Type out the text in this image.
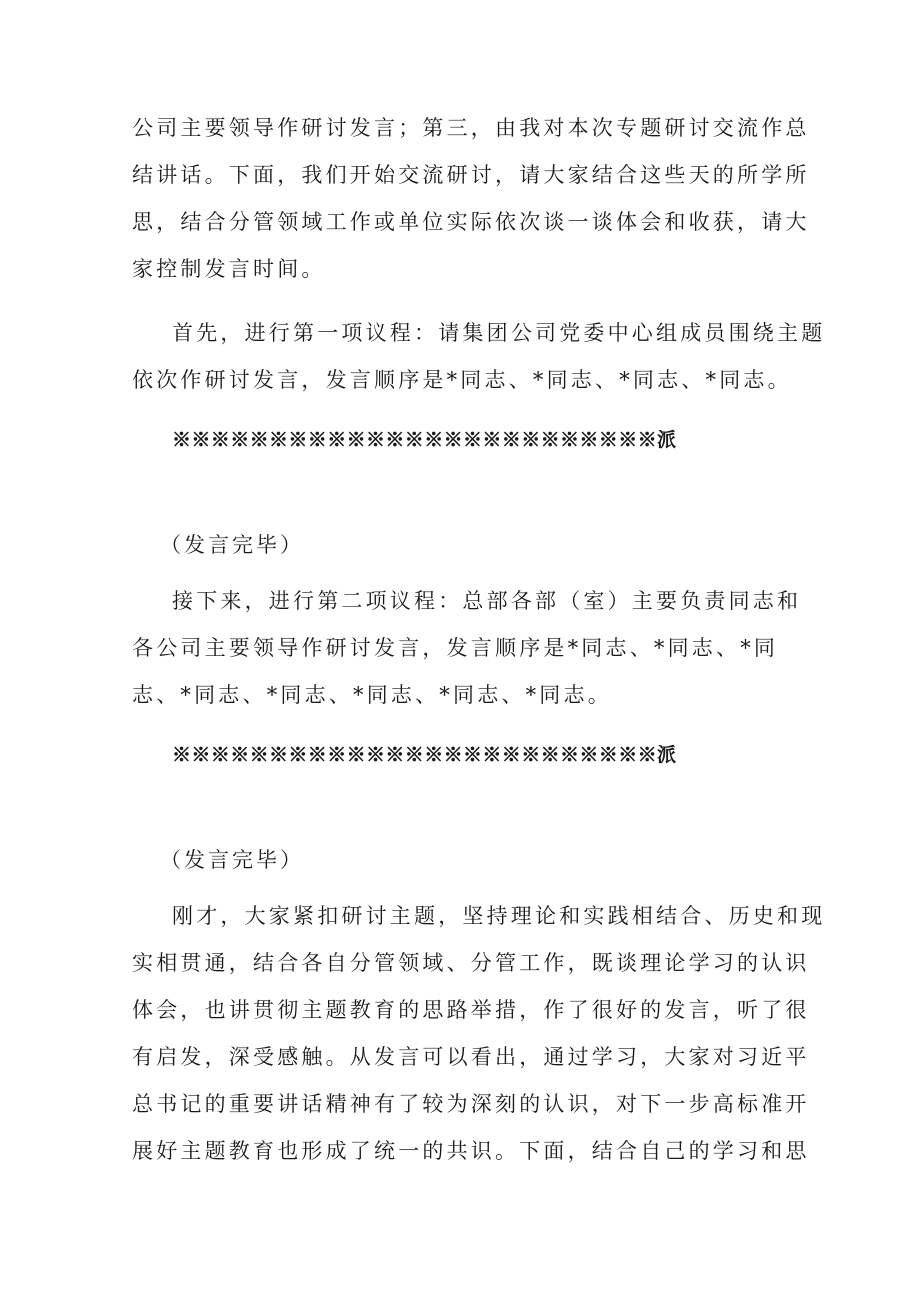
公司主要领导作研讨发言；第三，由我对本次专题研讨交流作总
结讲话。下面，我们开始交流研讨，请大家结合这些天的所学所
思，结合分管领域工作或单位实际依次谈一谈体会和收获，请大
家控制发言时间。
首先，进行第一项议程：请集团公司党委中心组成员围绕主题
依次作研讨发言，发言顺序是*同志、*同志、*同志、*同志。
※※※※※※※※※※※※※※※※※※※※※※※※※派
（发言完毕）
接下来，进行第二项议程：总部各部（室）主要负责同志和
各公司主要领导作研讨发言，发言顺序是*同志、*同志、*同
志、*同志、*同志、*同志、*同志、*同志。
※※※※※※※※※※※※※※※※※※※※※※※※※派
（发言完毕）
刚才，大家紧扣研讨主题，坚持理论和实践相结合、历史和现
实相贯通，结合各自分管领域、分管工作，既谈理论学习的认识
体会，也讲贯彻主题教育的思路举措，作了很好的发言，听了很
有启发，深受感触。从发言可以看出，通过学习，大家对习近平
总书记的重要讲话精神有了较为深刻的认识，对下一步高标准开
展好主题教育也形成了统一的共识。下面，结合自己的学习和思
